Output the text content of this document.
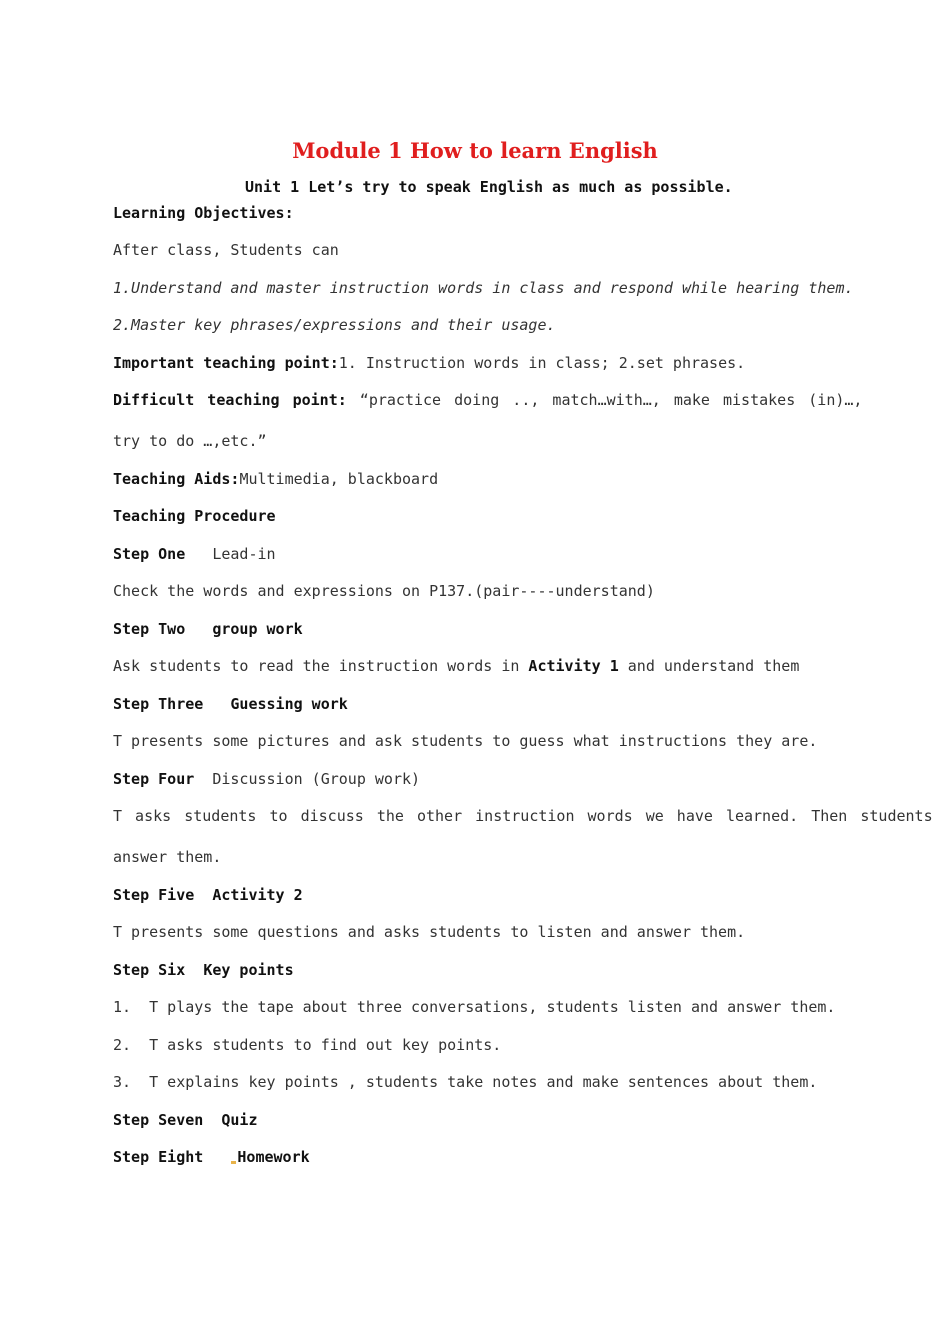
Module 1 How to learn English
Unit 1 Let’s try to speak English as much as possible.
Learning Objectives:
After class, Students can
1.Understand and master instruction words in class and respond while hearing them.
2.Master key phrases/expressions and their usage.
Important teaching point:1. Instruction words in class; 2.set phrases.
Difficult teaching point: “practice doing .., match…with…, make mistakes (in)…,
try to do …,etc.”
Teaching Aids:Multimedia, blackboard
Teaching Procedure
Step One Lead-in
Check the words and expressions on P137.(pair----understand)
Step Two group work
Ask students to read the instruction words in Activity 1 and understand them
Step Three Guessing work
T presents some pictures and ask students to guess what instructions they are.
Step Four Discussion (Group work)
T asks students to discuss the other instruction words we have learned. Then students
answer them.
Step Five Activity 2
T presents some questions and asks students to listen and answer them.
Step Six Key points
1.  T plays the tape about three conversations, students listen and answer them.
2.  T asks students to find out key points.
3.  T explains key points , students take notes and make sentences about them.
Step Seven Quiz
Step Eight Homework
